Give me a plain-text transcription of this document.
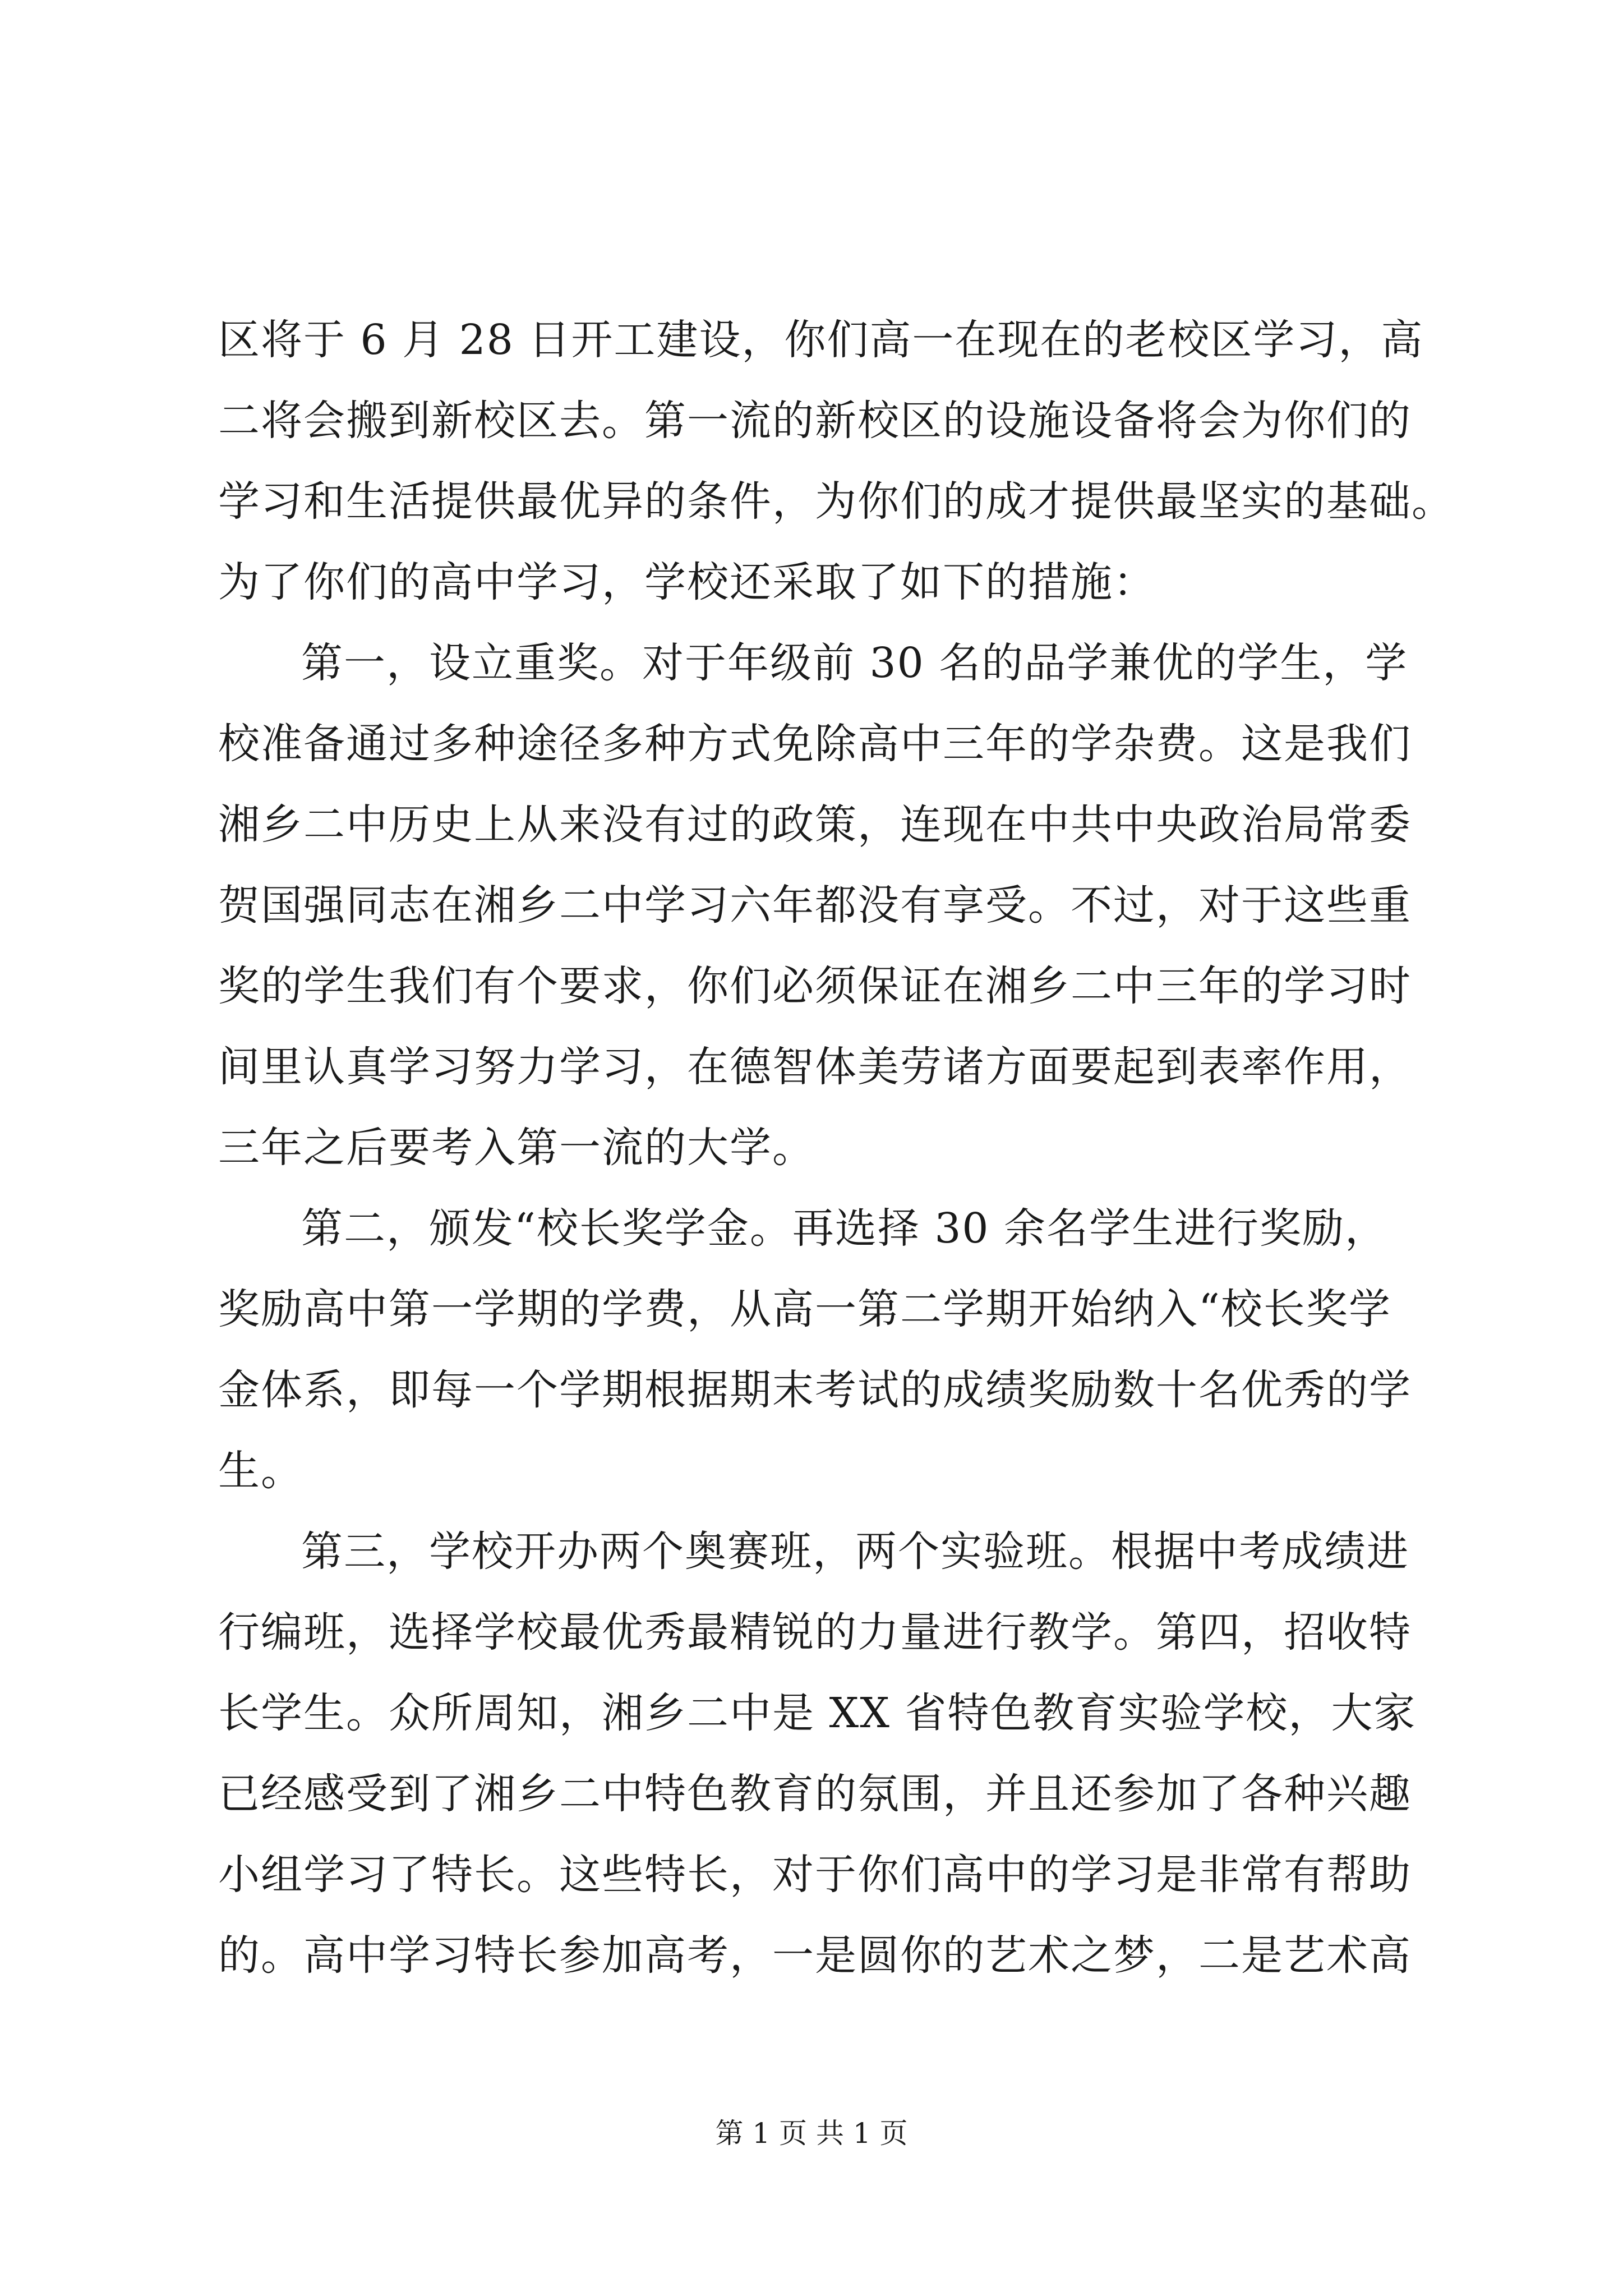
区将于 6 月 28 日开工建设，你们高一在现在的老校区学习，高
二将会搬到新校区去。第一流的新校区的设施设备将会为你们的
学习和生活提供最优异的条件，为你们的成才提供最坚实的基础。
为了你们的高中学习，学校还采取了如下的措施：
第一，设立重奖。对于年级前 30 名的品学兼优的学生，学
校准备通过多种途径多种方式免除高中三年的学杂费。这是我们
湘乡二中历史上从来没有过的政策，连现在中共中央政治局常委
贺国强同志在湘乡二中学习六年都没有享受。不过，对于这些重
奖的学生我们有个要求，你们必须保证在湘乡二中三年的学习时
间里认真学习努力学习，在德智体美劳诸方面要起到表率作用，
三年之后要考入第一流的大学。
第二，颁发“校长奖学金。再选择 30 余名学生进行奖励，
奖励高中第一学期的学费，从高一第二学期开始纳入“校长奖学
金体系，即每一个学期根据期末考试的成绩奖励数十名优秀的学
生。
第三，学校开办两个奥赛班，两个实验班。根据中考成绩进
行编班，选择学校最优秀最精锐的力量进行教学。第四，招收特
长学生。众所周知，湘乡二中是 XX 省特色教育实验学校，大家
已经感受到了湘乡二中特色教育的氛围，并且还参加了各种兴趣
小组学习了特长。这些特长，对于你们高中的学习是非常有帮助
的。高中学习特长参加高考，一是圆你的艺术之梦，二是艺术高
第 1 页 共 1 页
